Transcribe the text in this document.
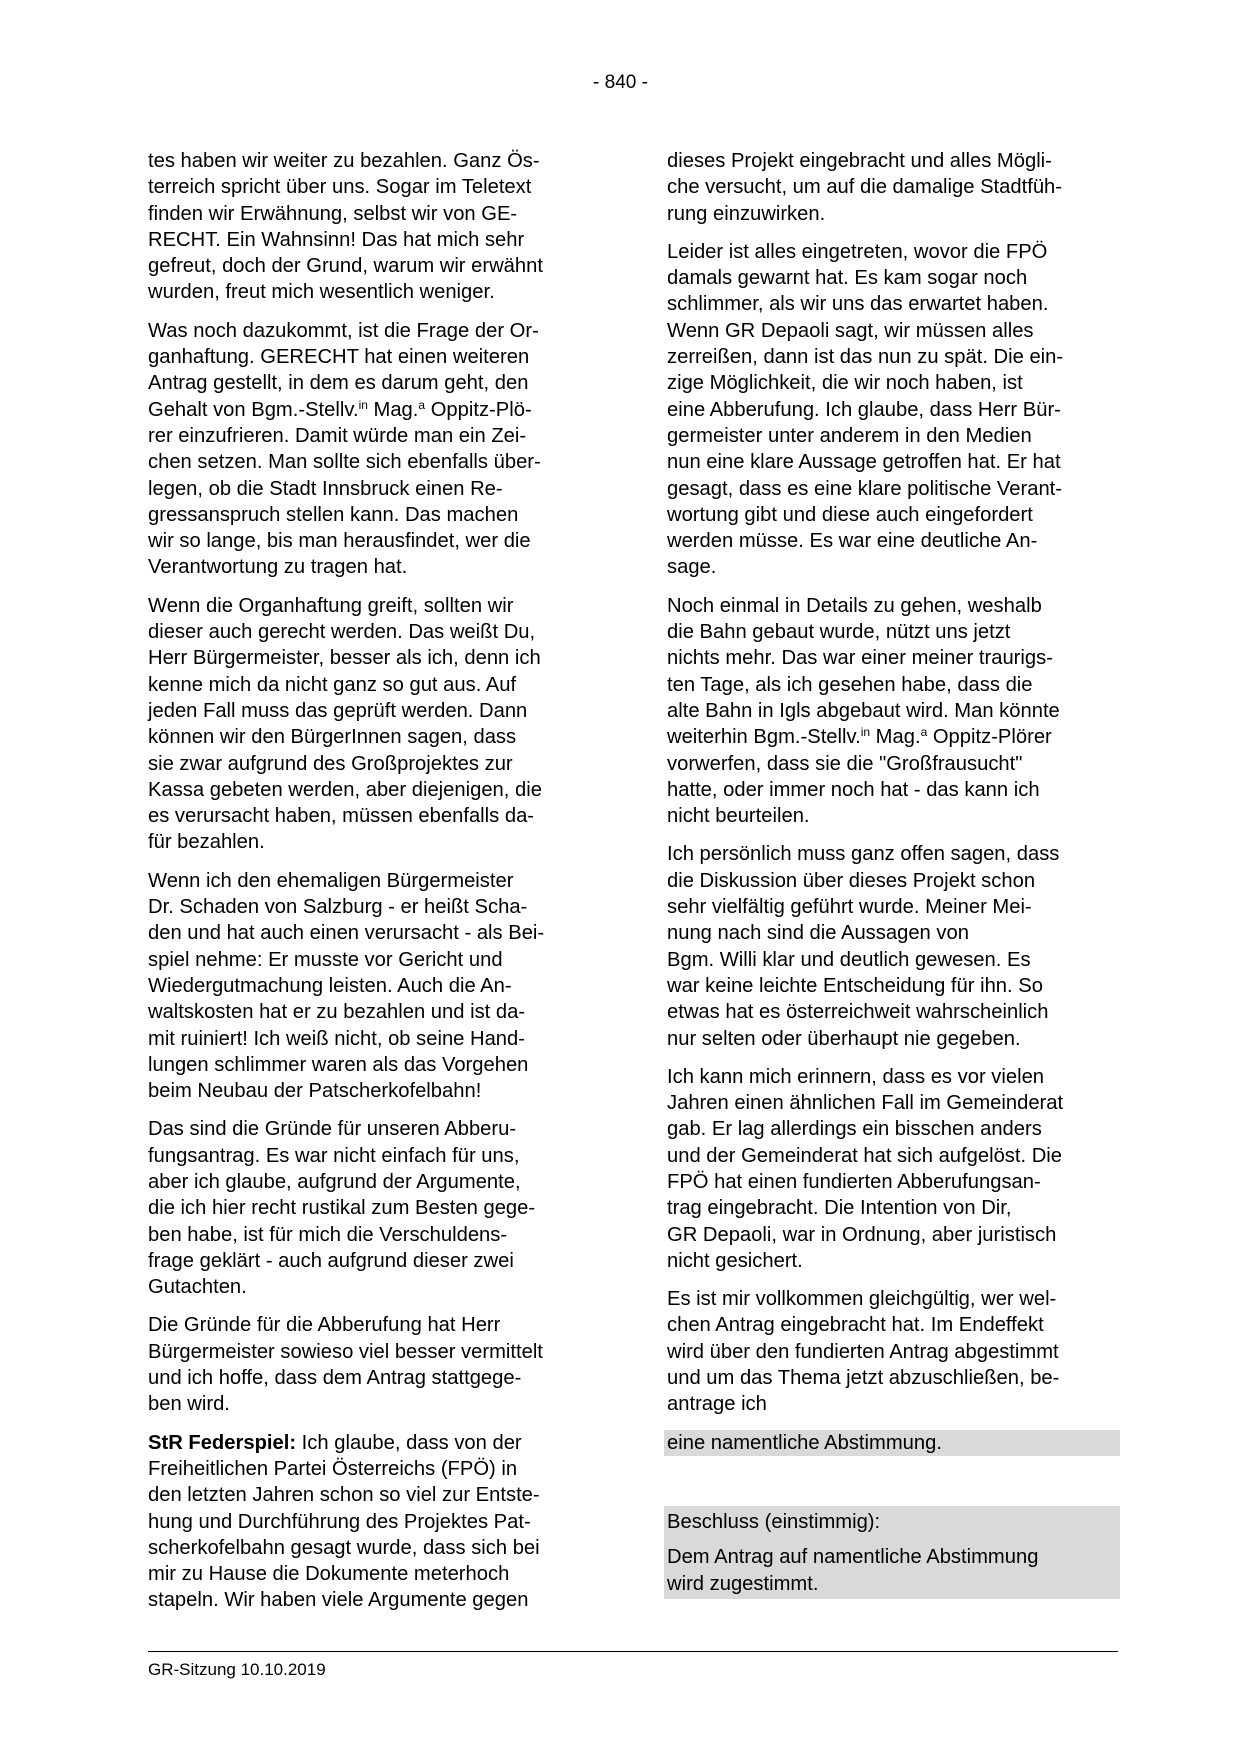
- 840 -

tes haben wir weiter zu bezahlen. Ganz Ös-
terreich spricht über uns. Sogar im Teletext
finden wir Erwähnung, selbst wir von GE-
RECHT. Ein Wahnsinn! Das hat mich sehr
gefreut, doch der Grund, warum wir erwähnt
wurden, freut mich wesentlich weniger.

Was noch dazukommt, ist die Frage der Or-
ganhaftung. GERECHT hat einen weiteren
Antrag gestellt, in dem es darum geht, den
Gehalt von Bgm.-Stellv.$^{in}$ Mag.$^a$ Oppitz-Plö-
rer einzufrieren. Damit würde man ein Zei-
chen setzen. Man sollte sich ebenfalls über-
legen, ob die Stadt Innsbruck einen Re-
gressanspruch stellen kann. Das machen
wir so lange, bis man herausfindet, wer die
Verantwortung zu tragen hat.

Wenn die Organhaftung greift, sollten wir
dieser auch gerecht werden. Das weißt Du,
Herr Bürgermeister, besser als ich, denn ich
kenne mich da nicht ganz so gut aus. Auf
jeden Fall muss das geprüft werden. Dann
können wir den BürgerInnen sagen, dass
sie zwar aufgrund des Großprojektes zur
Kassa gebeten werden, aber diejenigen, die
es verursacht haben, müssen ebenfalls da-
für bezahlen.

Wenn ich den ehemaligen Bürgermeister
Dr. Schaden von Salzburg - er heißt Scha-
den und hat auch einen verursacht - als Bei-
spiel nehme: Er musste vor Gericht und
Wiedergutmachung leisten. Auch die An-
waltskosten hat er zu bezahlen und ist da-
mit ruiniert! Ich weiß nicht, ob seine Hand-
lungen schlimmer waren als das Vorgehen
beim Neubau der Patscherkofelbahn!

Das sind die Gründe für unseren Abberu-
fungsantrag. Es war nicht einfach für uns,
aber ich glaube, aufgrund der Argumente,
die ich hier recht rustikal zum Besten gege-
ben habe, ist für mich die Verschuldens-
frage geklärt - auch aufgrund dieser zwei
Gutachten.

Die Gründe für die Abberufung hat Herr
Bürgermeister sowieso viel besser vermittelt
und ich hoffe, dass dem Antrag stattgege-
ben wird.

StR Federspiel: Ich glaube, dass von der
Freiheitlichen Partei Österreichs (FPÖ) in
den letzten Jahren schon so viel zur Entste-
hung und Durchführung des Projektes Pat-
scherkofelbahn gesagt wurde, dass sich bei
mir zu Hause die Dokumente meterhoch
stapeln. Wir haben viele Argumente gegen

dieses Projekt eingebracht und alles Mögli-
che versucht, um auf die damalige Stadtfüh-
rung einzuwirken.

Leider ist alles eingetreten, wovor die FPÖ
damals gewarnt hat. Es kam sogar noch
schlimmer, als wir uns das erwartet haben.
Wenn GR Depaoli sagt, wir müssen alles
zerreißen, dann ist das nun zu spät. Die ein-
zige Möglichkeit, die wir noch haben, ist
eine Abberufung. Ich glaube, dass Herr Bür-
germeister unter anderem in den Medien
nun eine klare Aussage getroffen hat. Er hat
gesagt, dass es eine klare politische Verant-
wortung gibt und diese auch eingefordert
werden müsse. Es war eine deutliche An-
sage.

Noch einmal in Details zu gehen, weshalb
die Bahn gebaut wurde, nützt uns jetzt
nichts mehr. Das war einer meiner traurigs-
ten Tage, als ich gesehen habe, dass die
alte Bahn in Igls abgebaut wird. Man könnte
weiterhin Bgm.-Stellv.$^{in}$ Mag.$^a$ Oppitz-Plörer
vorwerfen, dass sie die "Großfrausucht"
hatte, oder immer noch hat - das kann ich
nicht beurteilen.

Ich persönlich muss ganz offen sagen, dass
die Diskussion über dieses Projekt schon
sehr vielfältig geführt wurde. Meiner Mei-
nung nach sind die Aussagen von
Bgm. Willi klar und deutlich gewesen. Es
war keine leichte Entscheidung für ihn. So
etwas hat es österreichweit wahrscheinlich
nur selten oder überhaupt nie gegeben.

Ich kann mich erinnern, dass es vor vielen
Jahren einen ähnlichen Fall im Gemeinderat
gab. Er lag allerdings ein bisschen anders
und der Gemeinderat hat sich aufgelöst. Die
FPÖ hat einen fundierten Abberufungsan-
trag eingebracht. Die Intention von Dir,
GR Depaoli, war in Ordnung, aber juristisch
nicht gesichert.

Es ist mir vollkommen gleichgültig, wer wel-
chen Antrag eingebracht hat. Im Endeffekt
wird über den fundierten Antrag abgestimmt
und um das Thema jetzt abzuschließen, be-
antrage ich

eine namentliche Abstimmung.
Beschluss (einstimmig):
Dem Antrag auf namentliche Abstimmung
wird zugestimmt.
GR-Sitzung 10.10.2019
